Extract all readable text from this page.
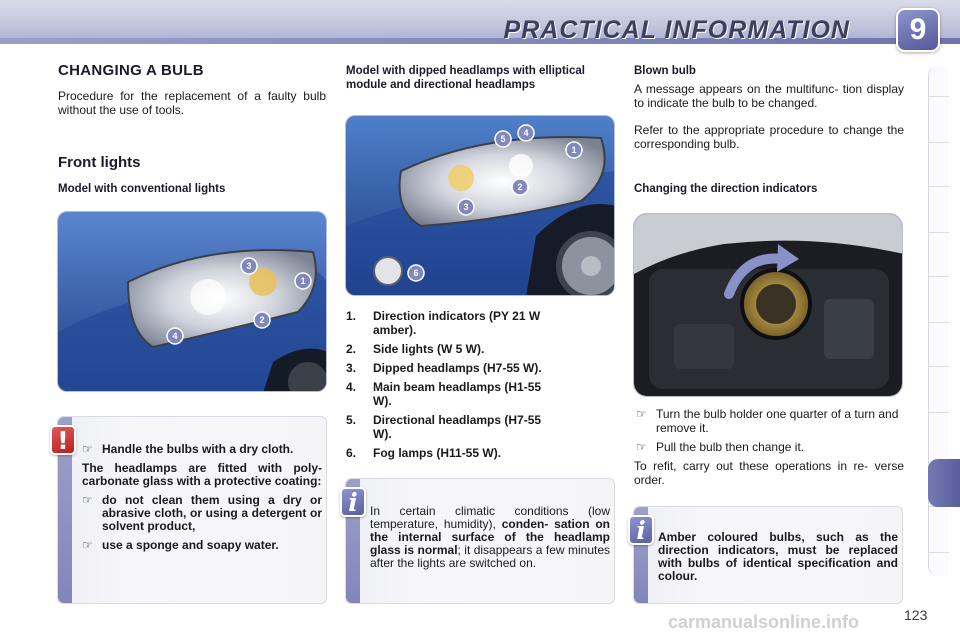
PRACTICAL INFORMATION	9
CHANGING A BULB
Procedure for the replacement of a faulty bulb without the use of tools.
Front lights
Model with conventional lights
3
1
2
4
!	☞ Handle the bulbs with a dry cloth.
The headlamps are fitted with poly- carbonate glass with a protective coating:
☞ do not clean them using a dry or abrasive cloth, or using a detergent or solvent product,
☞ use a sponge and soapy water.
Model with dipped headlamps with elliptical module and directional headlamps
5
4
1
2
3
6
1.	Direction indicators (PY 21 W amber).
2.	Side lights (W 5 W).
3.	Dipped headlamps (H7-55 W).
4.	Main beam headlamps (H1-55 W).
5.	Directional headlamps (H7-55 W).
6.	Fog lamps (H11-55 W).
i	In certain climatic conditions (low temperature, humidity), conden- sation on the internal surface of the headlamp glass is normal; it disappears a few minutes after the lights are switched on.
Blown bulb
A message appears on the multifunc- tion display to indicate the bulb to be changed.
Refer to the appropriate procedure to change the corresponding bulb.
Changing the direction indicators
☞ Turn the bulb holder one quarter of a turn and remove it.
☞ Pull the bulb then change it.
To refit, carry out these operations in re- verse order.
i	Amber coloured bulbs, such as the direction indicators, must be replaced with bulbs of identical specification and colour.
carmanualsonline.info	123
